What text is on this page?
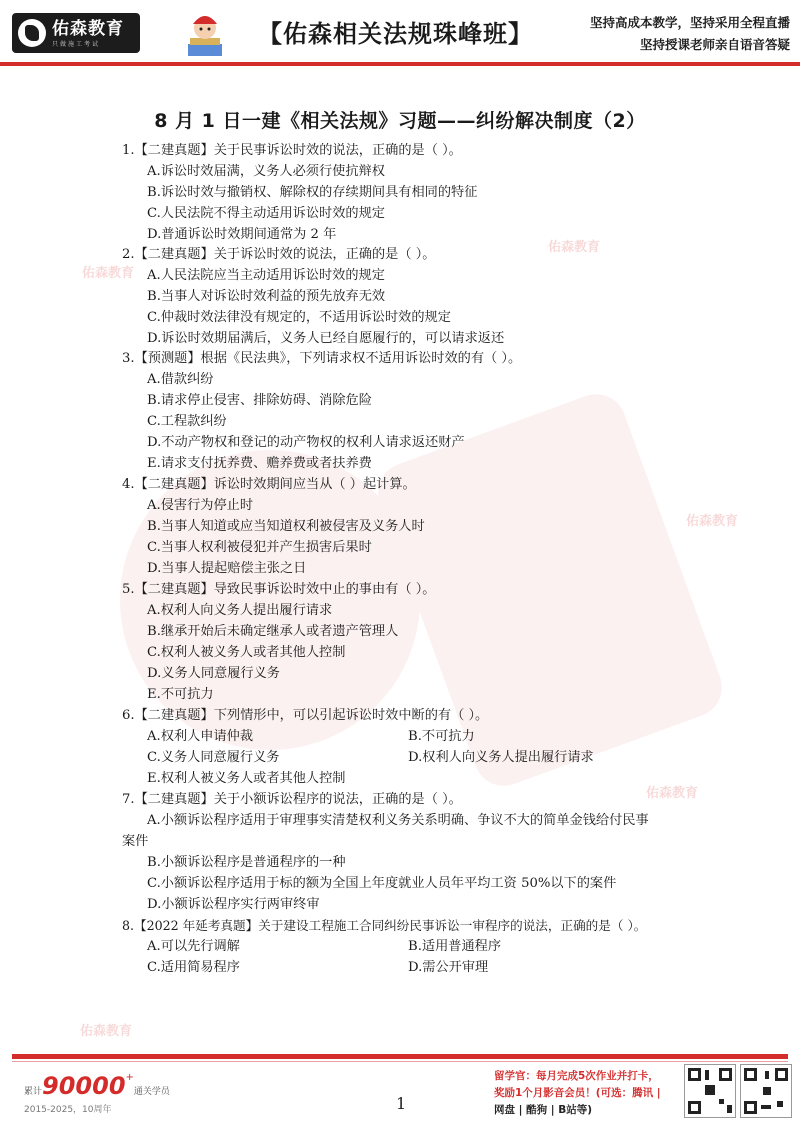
佑森教育
佑森教育
佑森教育
佑森教育
佑森教育
佑森教育
只做施工考试	【佑森相关法规珠峰班】	坚持高成本教学，坚持采用全程直播
坚持授课老师亲自语音答疑
8 月 1 日一建《相关法规》习题——纠纷解决制度（2）
1.【二建真题】关于民事诉讼时效的说法，正确的是（ ）。
A.诉讼时效届满，义务人必须行使抗辩权
B.诉讼时效与撤销权、解除权的存续期间具有相同的特征
C.人民法院不得主动适用诉讼时效的规定
D.普通诉讼时效期间通常为 2 年
2.【二建真题】关于诉讼时效的说法，正确的是（ ）。
A.人民法院应当主动适用诉讼时效的规定
B.当事人对诉讼时效利益的预先放弃无效
C.仲裁时效法律没有规定的，不适用诉讼时效的规定
D.诉讼时效期届满后，义务人已经自愿履行的，可以请求返还
3.【预测题】根据《民法典》，下列请求权不适用诉讼时效的有（ ）。
A.借款纠纷
B.请求停止侵害、排除妨碍、消除危险
C.工程款纠纷
D.不动产物权和登记的动产物权的权利人请求返还财产
E.请求支付抚养费、赡养费或者扶养费
4.【二建真题】诉讼时效期间应当从（ ）起计算。
A.侵害行为停止时
B.当事人知道或应当知道权利被侵害及义务人时
C.当事人权利被侵犯并产生损害后果时
D.当事人提起赔偿主张之日
5.【二建真题】导致民事诉讼时效中止的事由有（ ）。
A.权利人向义务人提出履行请求
B.继承开始后未确定继承人或者遗产管理人
C.权利人被义务人或者其他人控制
D.义务人同意履行义务
E.不可抗力
6.【二建真题】下列情形中，可以引起诉讼时效中断的有（ ）。
A.权利人申请仲裁	B.不可抗力
C.义务人同意履行义务	D.权利人向义务人提出履行请求
E.权利人被义务人或者其他人控制
7.【二建真题】关于小额诉讼程序的说法，正确的是（ ）。
A.小额诉讼程序适用于审理事实清楚权利义务关系明确、争议不大的简单金钱给付民事
案件
B.小额诉讼程序是普通程序的一种
C.小额诉讼程序适用于标的额为全国上年度就业人员年平均工资 50%以下的案件
D.小额诉讼程序实行两审终审
8.【2022 年延考真题】关于建设工程施工合同纠纷民事诉讼一审程序的说法，正确的是（ ）。
A.可以先行调解	B.适用普通程序
C.适用简易程序	D.需公开审理
累计90000+通关学员
2015-2025，10周年	1
留学官：每月完成5次作业并打卡，
奖励1个月影音会员！(可选：腾讯 |
网盘 | 酷狗 | B站等)
